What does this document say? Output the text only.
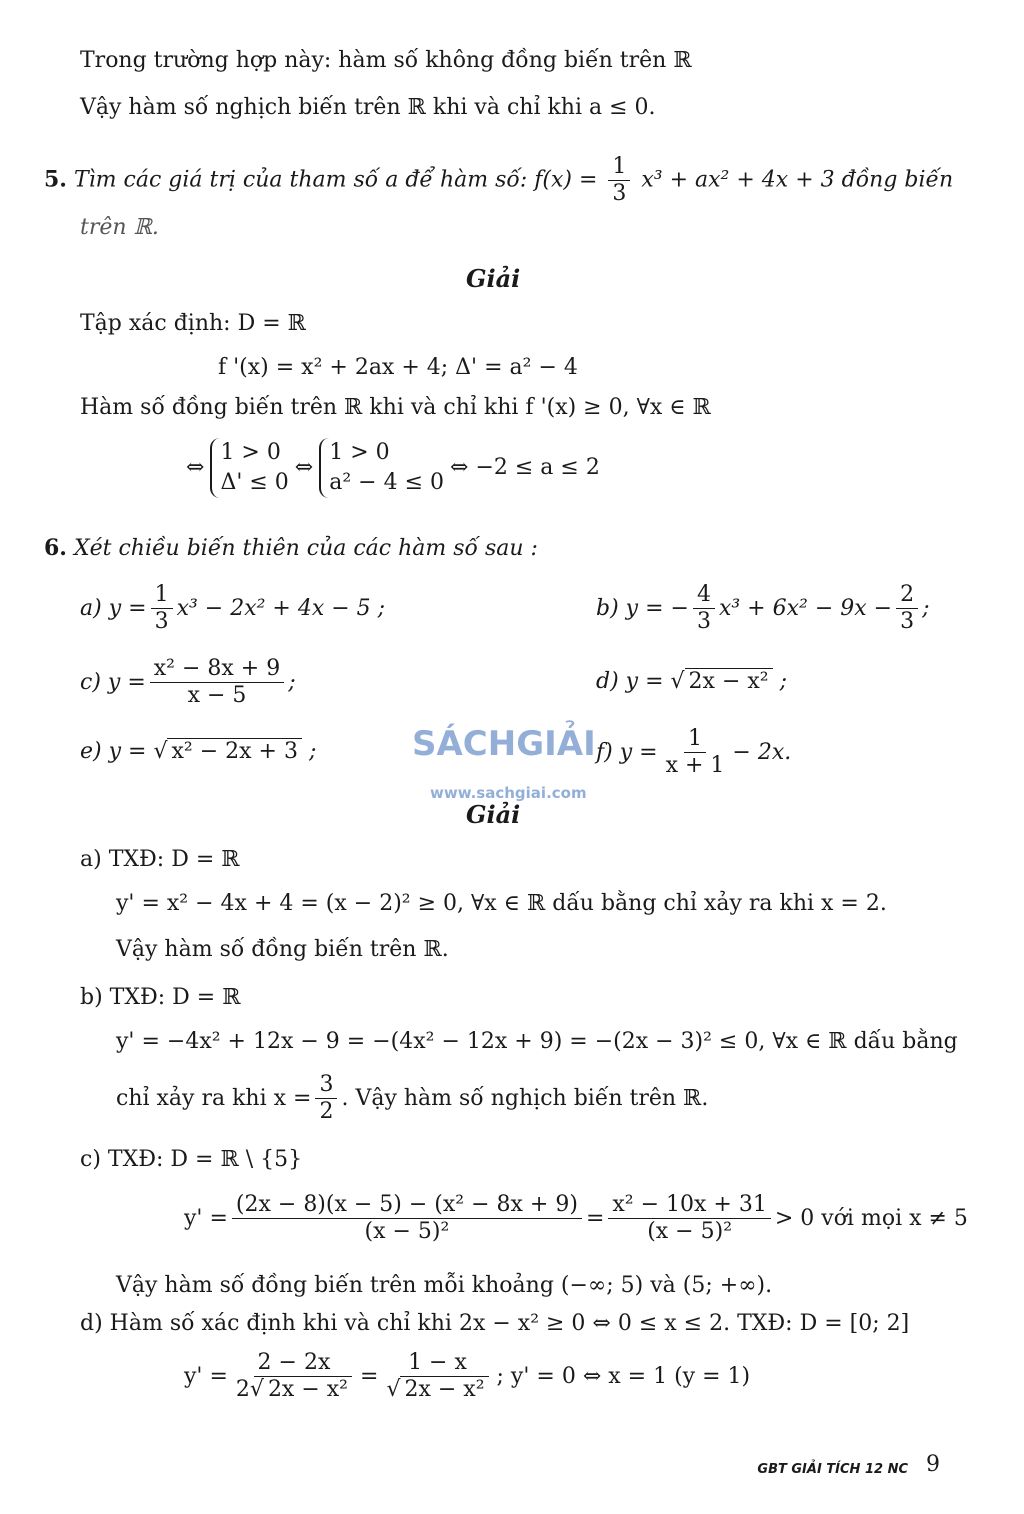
Trong trường hợp này: hàm số không đồng biến trên ℝ
Vậy hàm số nghịch biến trên ℝ khi và chỉ khi a ≤ 0.
5. Tìm các giá trị của tham số a để hàm số: $f(x) = \frac{1}{3} x^3 + ax^2 + 4x + 3$ đồng biến
trên ℝ.
Giải
Tập xác định: D = ℝ
f '(x) = x² + 2ax + 4; Δ' = a² − 4
Hàm số đồng biến trên ℝ khi và chỉ khi f '(x) ≥ 0, ∀x ∈ ℝ
⇔
1 > 0
Δ' ≤ 0
⇔
1 > 0
a² − 4 ≤ 0
⇔ −2 ≤ a ≤ 2
6. Xét chiều biến thiên của các hàm số sau :
a) $y = \frac{1}{3} x^3 - 2x^2 + 4x - 5$ ;	b) y = − $\frac{4}{3} x^3 + 6x^2 - 9x - \frac{2}{3}$ ;
c) $y = \frac{\text{x² − 8x + 9}}{x - 5}$ ;	d) y = √ 2x − x² ;
e) y = √ x² − 2x + 3 ;	f) $y = \frac{1}{x + 1} - 2x$.
SÁCHGIẢI
www.sachgiai.com
Giải
a) TXĐ: D = ℝ
y' = x² − 4x + 4 = (x − 2)² ≥ 0, ∀x ∈ ℝ dấu bằng chỉ xảy ra khi x = 2.
Vậy hàm số đồng biến trên ℝ.
b) TXĐ: D = ℝ
y' = −4x² + 12x − 9 = −(4x² − 12x + 9) = −(2x − 3)² ≤ 0, ∀x ∈ ℝ dấu bằng
chỉ xảy ra khi $x = \frac{3}{2}$ . Vậy hàm số nghịch biến trên ℝ.
c) TXĐ: D = ℝ \ {5}
$y' = \frac{\text{(2x − 8)(x − 5) − (x² − 8x + 9)}}{\text{(x − 5)²}} = \frac{\text{x² − 10x + 31}}{\text{(x − 5)²}} > 0$ với mọi x ≠ 5
Vậy hàm số đồng biến trên mỗi khoảng (−∞; 5) và (5; +∞).
d) Hàm số xác định khi và chỉ khi 2x − x² ≥ 0 ⇔ 0 ≤ x ≤ 2. TXĐ: D = [0; 2]
$y' = \frac{2 - 2x}{\text{2√ 2x − x²}} = \frac{1 - x}{\text{√ 2x − x²}}$ ; y' = 0 ⇔ x = 1 (y = 1)
GBT GIẢI TÍCH 12 NC 9
